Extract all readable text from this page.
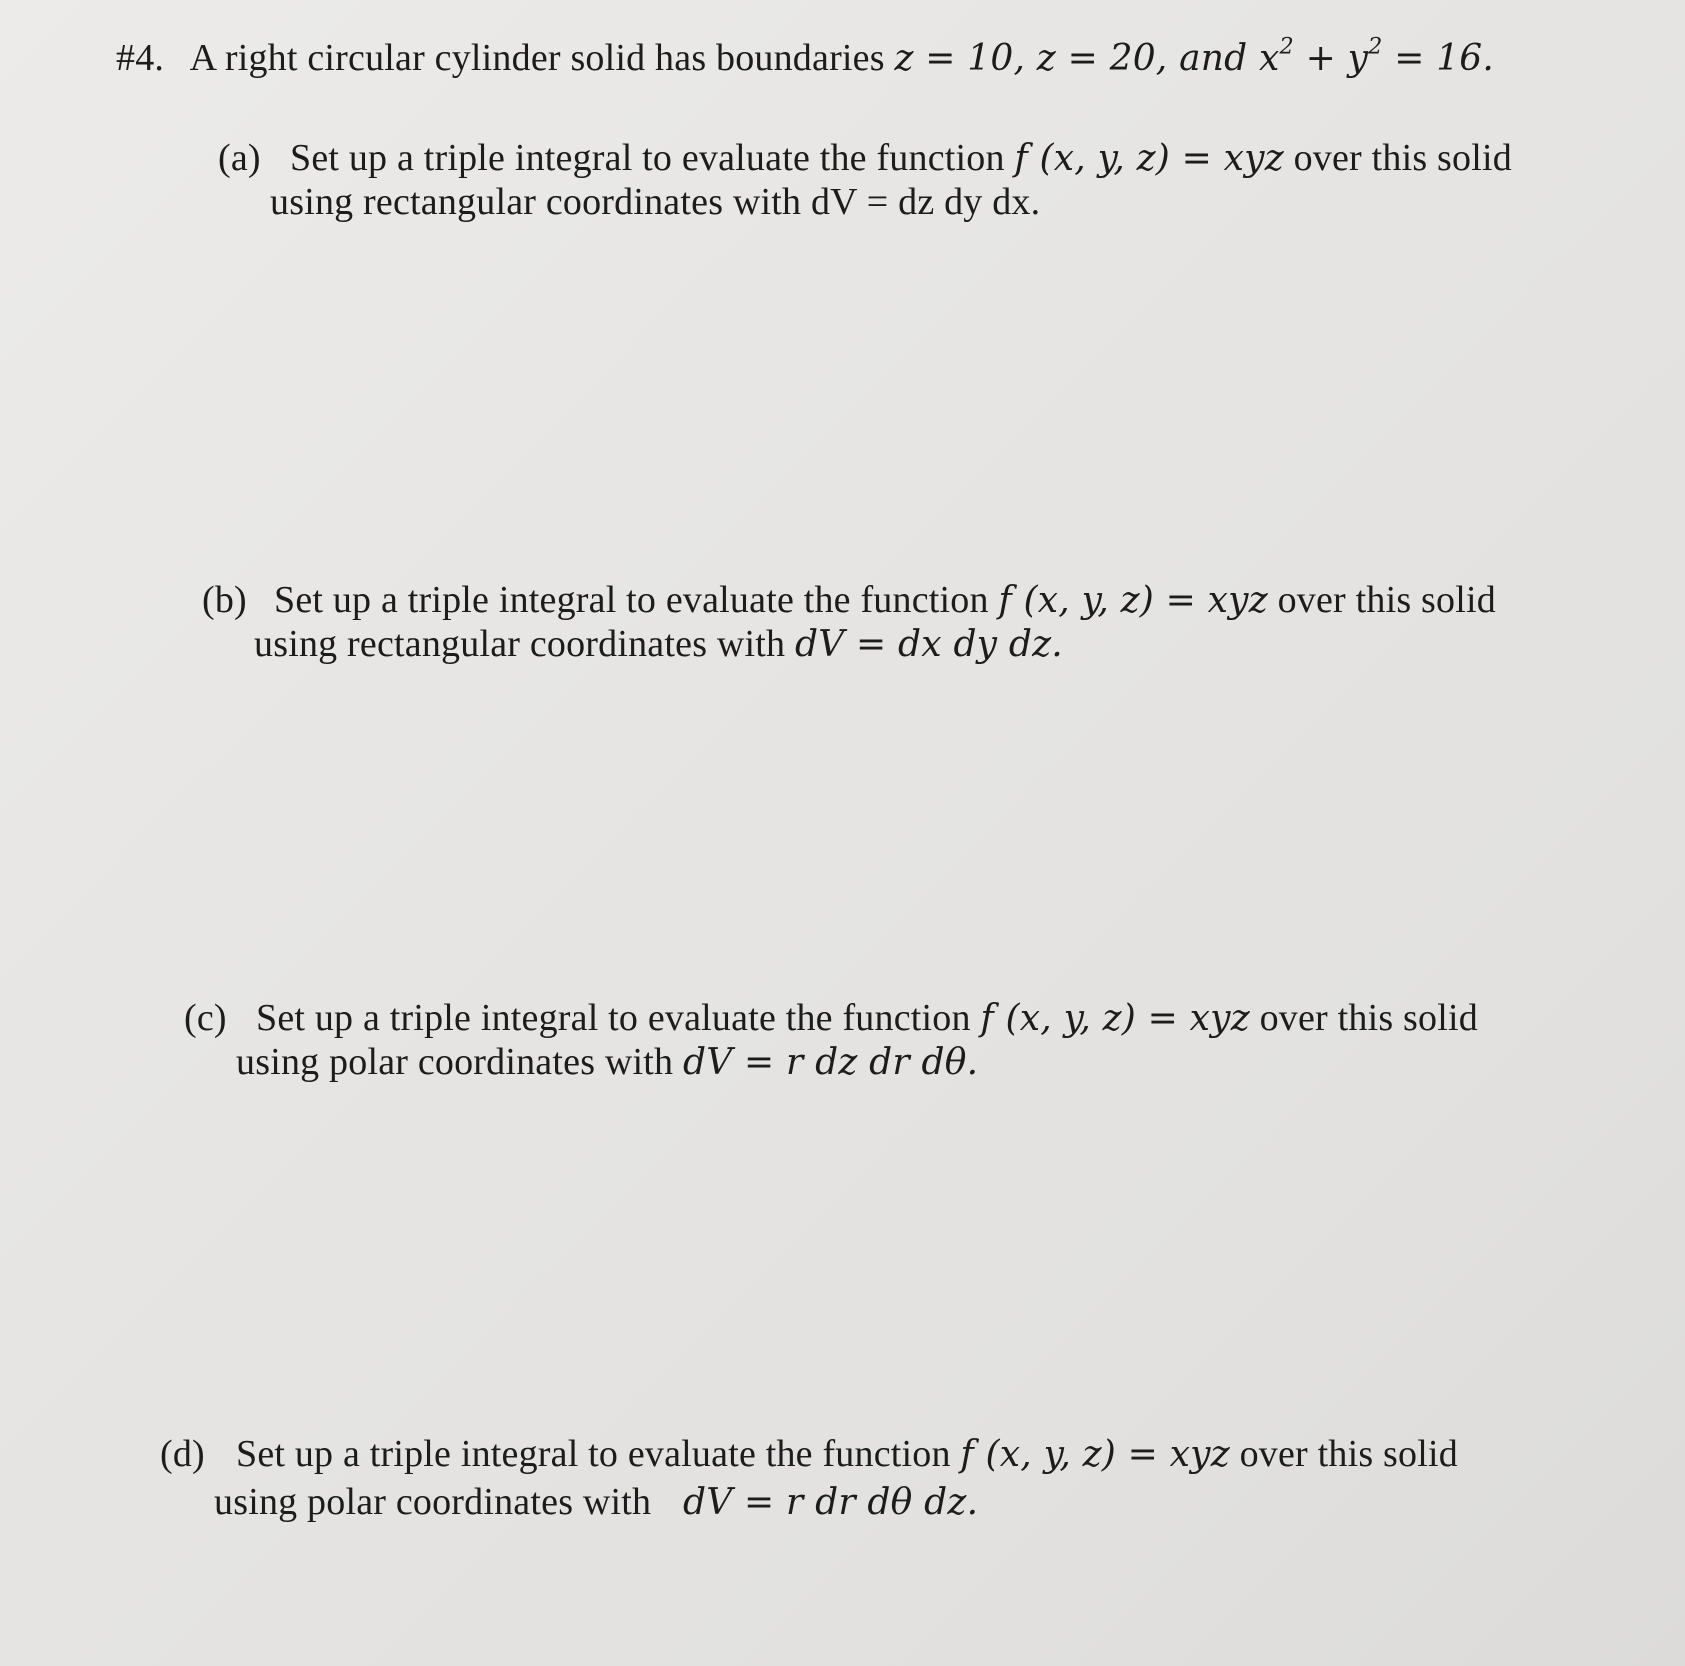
#4. A right circular cylinder solid has boundaries z = 10, z = 20, and $x^2 + y^2 = 16$.
(a) Set up a triple integral to evaluate the function f (x, y, z) = xyz over this solid
using rectangular coordinates with dV = dz dy dx.
(b) Set up a triple integral to evaluate the function f (x, y, z) = xyz over this solid
using rectangular coordinates with dV = dx dy dz.
(c) Set up a triple integral to evaluate the function f (x, y, z) = xyz over this solid
using polar coordinates with dV = r dz dr dθ.
(d) Set up a triple integral to evaluate the function f (x, y, z) = xyz over this solid
using polar coordinates with dV = r dr dθ dz.
